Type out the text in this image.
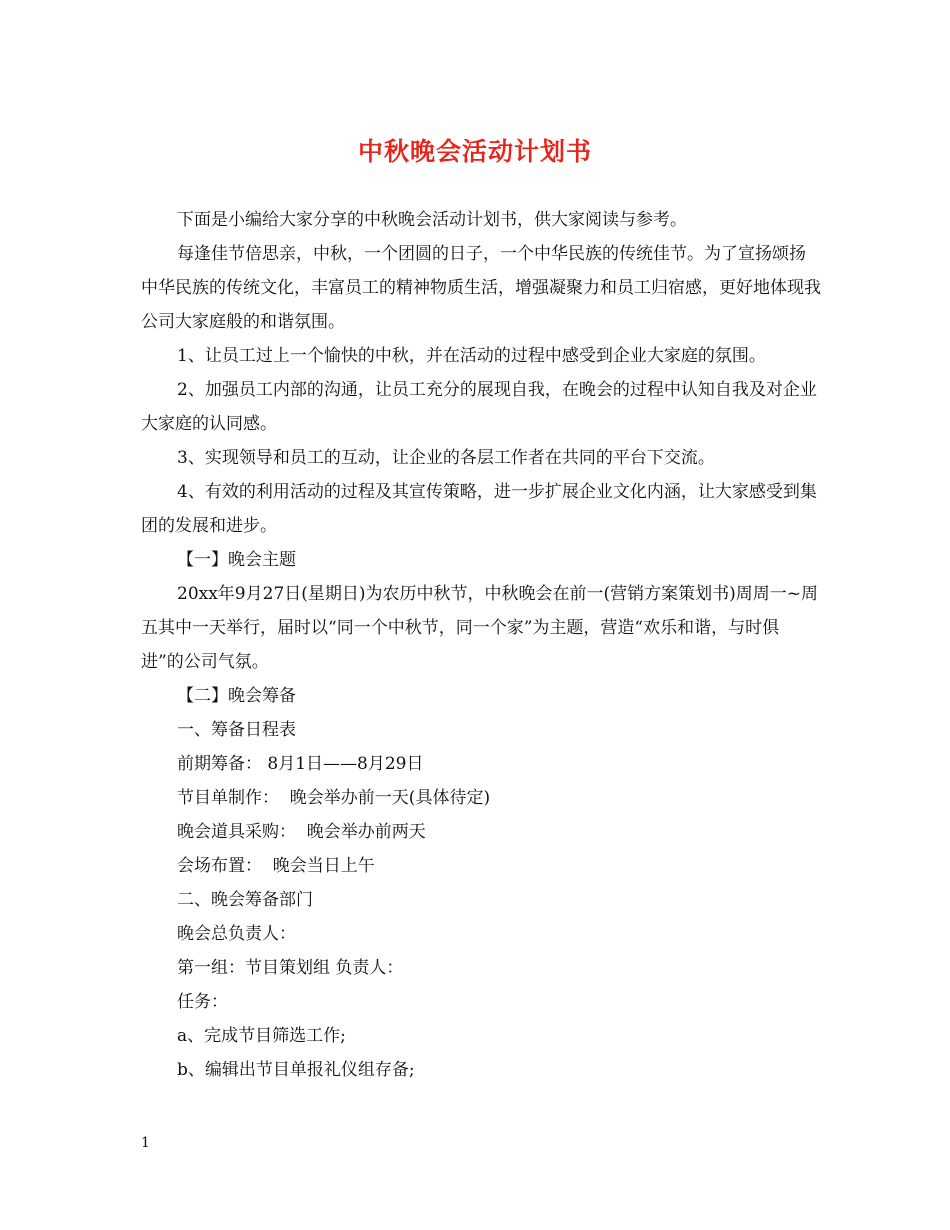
中秋晚会活动计划书

下面是小编给大家分享的中秋晚会活动计划书，供大家阅读与参考。

每逢佳节倍思亲，中秋，一个团圆的日子，一个中华民族的传统佳节。为了宣扬颂扬中华民族的传统文化，丰富员工的精神物质生活，增强凝聚力和员工归宿感，更好地体现我公司大家庭般的和谐氛围。

1、让员工过上一个愉快的中秋，并在活动的过程中感受到企业大家庭的氛围。

2、加强员工内部的沟通，让员工充分的展现自我，在晚会的过程中认知自我及对企业大家庭的认同感。

3、实现领导和员工的互动，让企业的各层工作者在共同的平台下交流。

4、有效的利用活动的过程及其宣传策略，进一步扩展企业文化内涵，让大家感受到集团的发展和进步。

【一】晚会主题

20xx年9月27日(星期日)为农历中秋节，中秋晚会在前一(营销方案策划书)周周一~周五其中一天举行，届时以“同一个中秋节，同一个家”为主题，营造“欢乐和谐，与时俱进”的公司气氛。

【二】晚会筹备

一、筹备日程表

前期筹备： 8月1日——8月29日

节目单制作：  晚会举办前一天(具体待定)

晚会道具采购：  晚会举办前两天

会场布置：  晚会当日上午

二、晚会筹备部门

晚会总负责人：

第一组：节目策划组 负责人：

任务：

a、完成节目筛选工作;

b、编辑出节目单报礼仪组存备;

1
